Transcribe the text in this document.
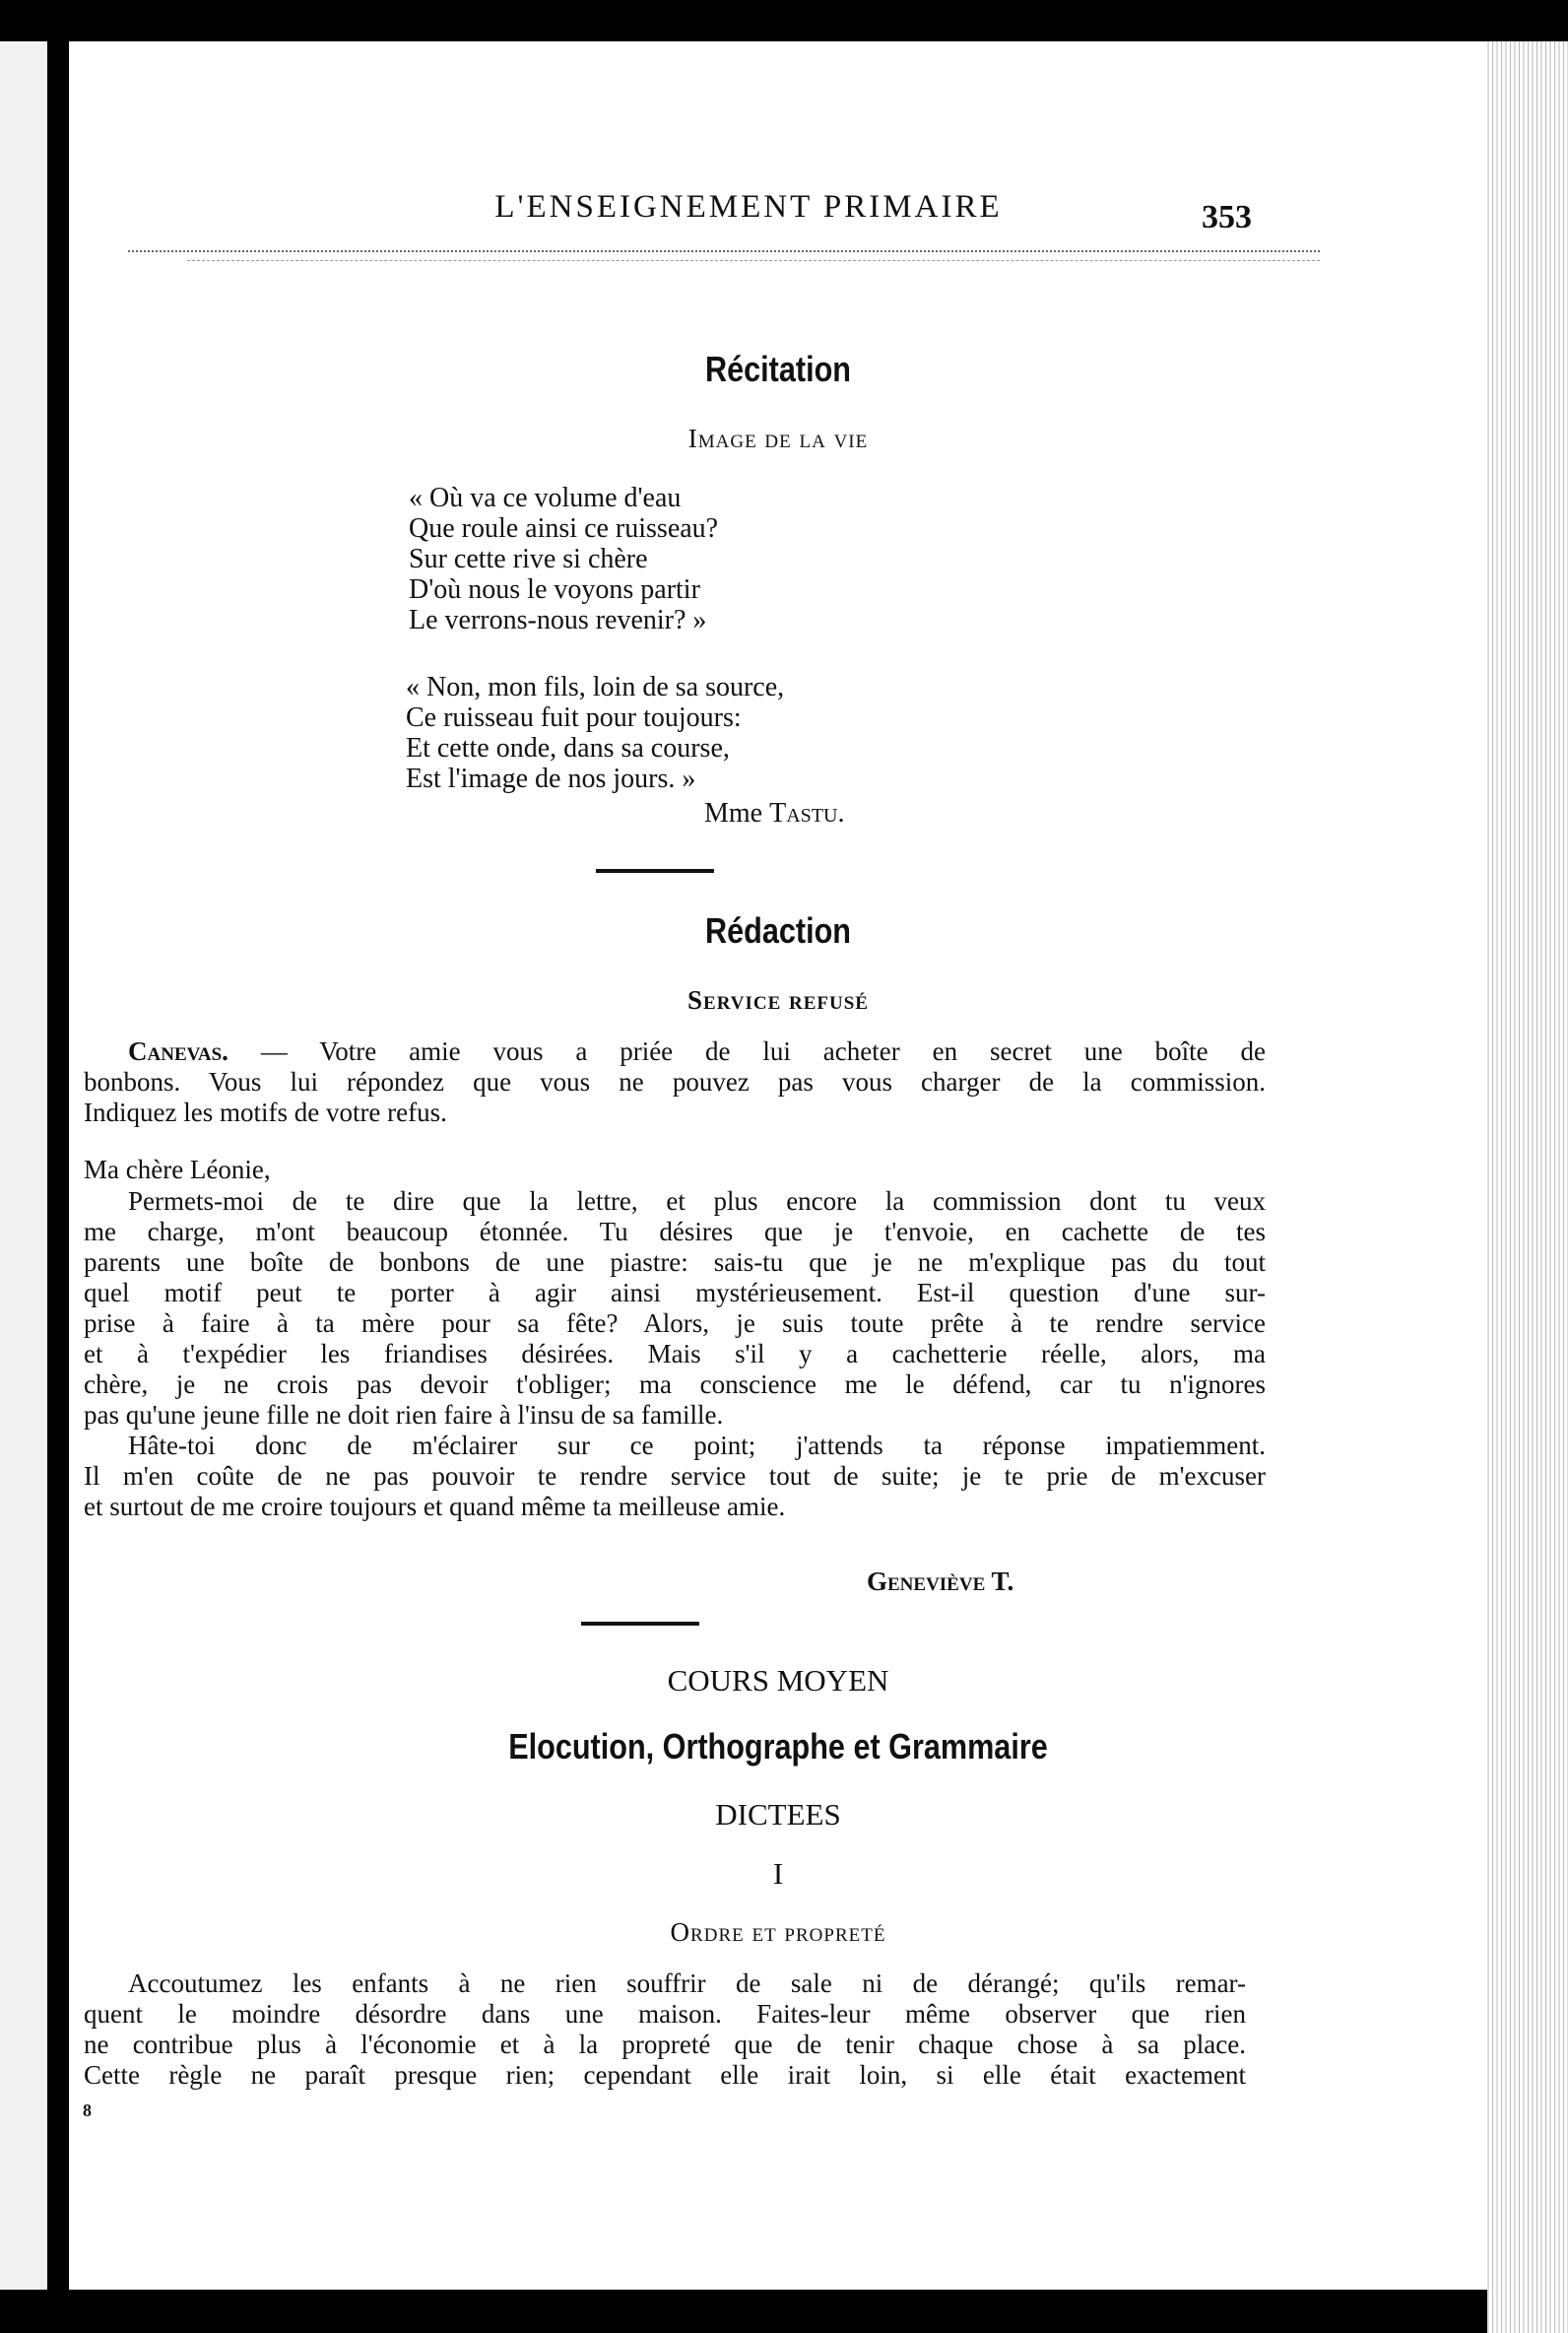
L'ENSEIGNEMENT PRIMAIRE	353
Récitation
Image de la vie
« Où va ce volume d'eau
Que roule ainsi ce ruisseau?
Sur cette rive si chère
D'où nous le voyons partir
Le verrons-nous revenir? »
« Non, mon fils, loin de sa source,
Ce ruisseau fuit pour toujours:
Et cette onde, dans sa course,
Est l'image de nos jours. »
Mme Tastu.
Rédaction
Service refusé
Canevas. — Votre amie vous a priée de lui acheter en secret une boîte de
bonbons. Vous lui répondez que vous ne pouvez pas vous charger de la commission.
Indiquez les motifs de votre refus.
Ma chère Léonie,
Permets-moi de te dire que la lettre, et plus encore la commission dont tu veux
me charge, m'ont beaucoup étonnée. Tu désires que je t'envoie, en cachette de tes
parents une boîte de bonbons de une piastre: sais-tu que je ne m'explique pas du tout
quel motif peut te porter à agir ainsi mystérieusement. Est-il question d'une sur-
prise à faire à ta mère pour sa fête? Alors, je suis toute prête à te rendre service
et à t'expédier les friandises désirées. Mais s'il y a cachetterie réelle, alors, ma
chère, je ne crois pas devoir t'obliger; ma conscience me le défend, car tu n'ignores
pas qu'une jeune fille ne doit rien faire à l'insu de sa famille.
Hâte-toi donc de m'éclairer sur ce point; j'attends ta réponse impatiemment.
Il m'en coûte de ne pas pouvoir te rendre service tout de suite; je te prie de m'excuser
et surtout de me croire toujours et quand même ta meilleuse amie.
Geneviève T.
COURS MOYEN
Elocution, Orthographe et Grammaire
DICTEES
I
Ordre et propreté
Accoutumez les enfants à ne rien souffrir de sale ni de dérangé; qu'ils remar-
quent le moindre désordre dans une maison. Faites-leur même observer que rien
ne contribue plus à l'économie et à la propreté que de tenir chaque chose à sa place.
Cette règle ne paraît presque rien; cependant elle irait loin, si elle était exactement
8
